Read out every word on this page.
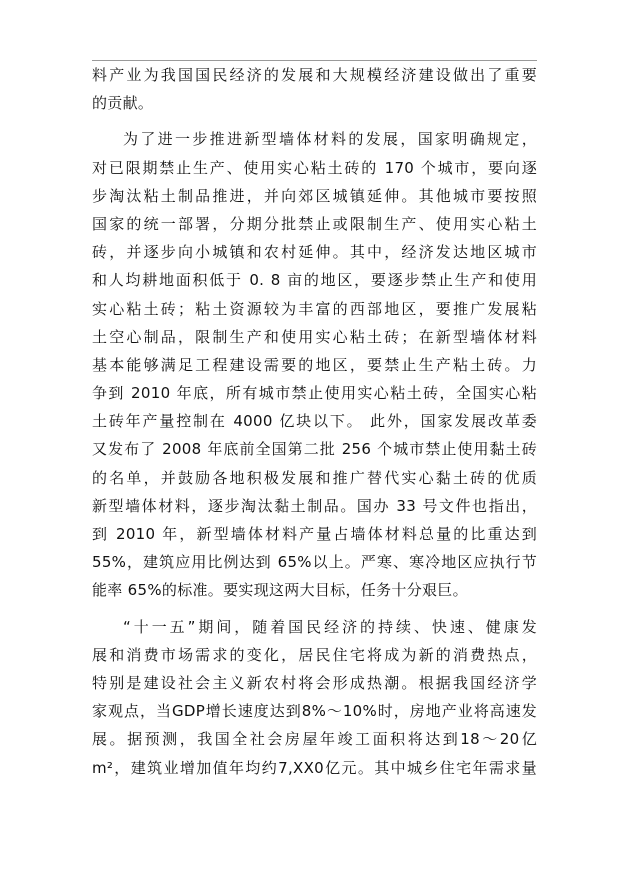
料产业为我国国民经济的发展和大规模经济建设做出了重要
的贡献。
为了进一步推进新型墙体材料的发展，国家明确规定，
对已限期禁止生产、使用实心粘土砖的 170 个城市，要向逐
步淘汰粘土制品推进，并向郊区城镇延伸。其他城市要按照
国家的统一部署，分期分批禁止或限制生产、使用实心粘土
砖，并逐步向小城镇和农村延伸。其中，经济发达地区城市
和人均耕地面积低于 0. 8 亩的地区，要逐步禁止生产和使用
实心粘土砖；粘土资源较为丰富的西部地区，要推广发展粘
土空心制品，限制生产和使用实心粘土砖；在新型墙体材料
基本能够满足工程建设需要的地区，要禁止生产粘土砖。力
争到 2010 年底，所有城市禁止使用实心粘土砖，全国实心粘
土砖年产量控制在 4000 亿块以下。 此外，国家发展改革委
又发布了 2008 年底前全国第二批 256 个城市禁止使用黏土砖
的名单，并鼓励各地积极发展和推广替代实心黏土砖的优质
新型墙体材料，逐步淘汰黏土制品。国办 33 号文件也指出，
到 2010 年，新型墙体材料产量占墙体材料总量的比重达到
55%，建筑应用比例达到 65%以上。严寒、寒冷地区应执行节
能率 65%的标准。要实现这两大目标，任务十分艰巨。
“十一五”期间，随着国民经济的持续、快速、健康发
展和消费市场需求的变化，居民住宅将成为新的消费热点，
特别是建设社会主义新农村将会形成热潮。根据我国经济学
家观点，当GDP增长速度达到8%～10%时，房地产业将高速发
展。据预测，我国全社会房屋年竣工面积将达到18～20亿
m²，建筑业增加值年均约7,XX0亿元。其中城乡住宅年需求量
